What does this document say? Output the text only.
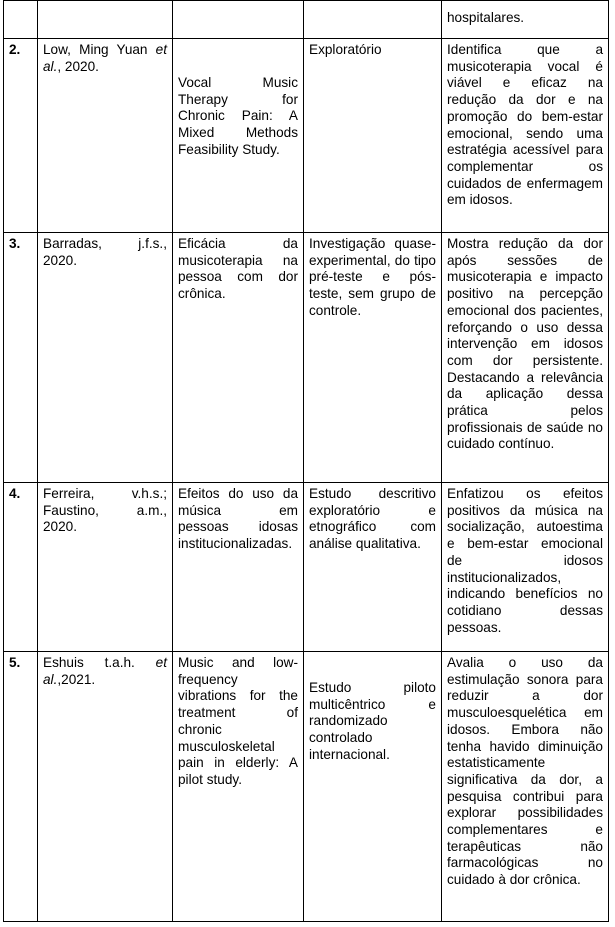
				hospitalares.
2.	Low, Ming Yuan et al., 2020.	Vocal Music Therapy for Chronic Pain: A Mixed Methods Feasibility Study.	Exploratório	Identifica que a musicoterapia vocal é viável e eficaz na redução da dor e na promoção do bem-estar emocional, sendo uma estratégia acessível para complementar os cuidados de enfermagem em idosos.
3.	Barradas, j.f.s., 2020.	Eficácia da musicoterapia na pessoa com dor crônica.	Investigação quase-experimental, do tipo pré-teste e pós-teste, sem grupo de controle.	Mostra redução da dor após sessões de musicoterapia e impacto positivo na percepção emocional dos pacientes, reforçando o uso dessa intervenção em idosos com dor persistente. Destacando a relevância da aplicação dessa prática pelos profissionais de saúde no cuidado contínuo.
4.	Ferreira, v.h.s.; Faustino, a.m., 2020.	Efeitos do uso da música em pessoas idosas institucionalizadas.	Estudo descritivo exploratório e etnográfico com análise qualitativa.	Enfatizou os efeitos positivos da música na socialização, autoestima e bem-estar emocional de idosos institucionalizados, indicando benefícios no cotidiano dessas pessoas.
5.	Eshuis t.a.h. et al.,2021.	Music and low-frequency vibrations for the treatment of chronic musculoskeletal pain in elderly: A pilot study.	Estudo piloto multicêntrico e randomizado controlado internacional.	Avalia o uso da estimulação sonora para reduzir a dor musculoesquelética em idosos. Embora não tenha havido diminuição estatisticamente significativa da dor, a pesquisa contribui para explorar possibilidades complementares e terapêuticas não farmacológicas no cuidado à dor crônica.
